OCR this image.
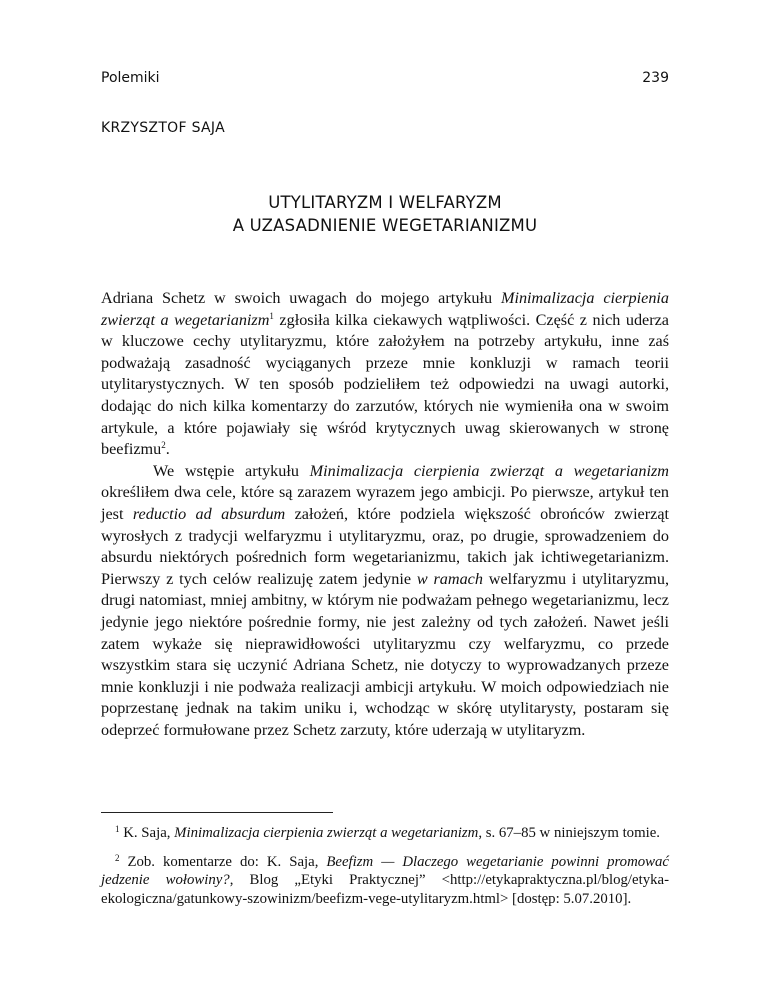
Polemiki	239
KRZYSZTOF SAJA
UTYLITARYZM I WELFARYZM
A UZASADNIENIE WEGETARIANIZMU

Adriana Schetz w swoich uwagach do mojego artykułu Minimalizacja cierpienia zwierząt a wegetarianizm$^1$ zgłosiła kilka ciekawych wątpliwości. Część z nich uderza w kluczowe cechy utylitaryzmu, które założyłem na potrzeby artykułu, inne zaś podważają zasadność wyciąganych przeze mnie konkluzji w ramach teorii utylitarystycznych. W ten sposób podzieliłem też odpowiedzi na uwagi autorki, dodając do nich kilka komentarzy do zarzutów, których nie wymieniła ona w swoim artykule, a które pojawiały się wśród krytycznych uwag skierowanych w stronę beefizmu$^2$.

We wstępie artykułu Minimalizacja cierpienia zwierząt a wegetarianizm określiłem dwa cele, które są zarazem wyrazem jego ambicji. Po pierwsze, artykuł ten jest reductio ad absurdum założeń, które podziela większość obrońców zwierząt wyrosłych z tradycji welfaryzmu i utylitaryzmu, oraz, po drugie, sprowadzeniem do absurdu niektórych pośrednich form wegetarianizmu, takich jak ichtiwegetarianizm. Pierwszy z tych celów realizuję zatem jedynie w ramach welfaryzmu i utylitaryzmu, drugi natomiast, mniej ambitny, w którym nie podważam pełnego wegetarianizmu, lecz jedynie jego niektóre pośrednie formy, nie jest zależny od tych założeń. Nawet jeśli zatem wykaże się nieprawidłowości utylitaryzmu czy welfaryzmu, co przede wszystkim stara się uczynić Adriana Schetz, nie dotyczy to wyprowadzanych przeze mnie konkluzji i nie podważa realizacji ambicji artykułu. W moich odpowiedziach nie poprzestanę jednak na takim uniku i, wchodząc w skórę utylitarysty, postaram się odeprzeć formułowane przez Schetz zarzuty, które uderzają w utylitaryzm.

$^1$ K. Saja, Minimalizacja cierpienia zwierząt a wegetarianizm, s. 67–85 w niniejszym tomie.

$^2$ Zob. komentarze do: K. Saja, Beefizm — Dlaczego wegetarianie powinni promować jedzenie wołowiny?, Blog „Etyki Praktycznej” <http://etykapraktyczna.pl/blog/etyka-ekologiczna/gatunkowy-szowinizm/beefizm-vege-utylitaryzm.html> [dostęp: 5.07.2010].
